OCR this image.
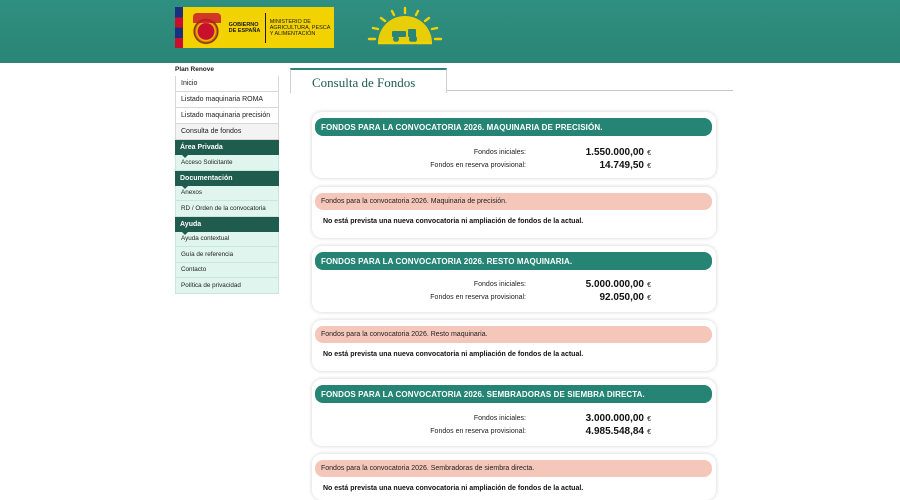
GOBIERNO DE ESPAÑA
MINISTERIO DE AGRICULTURA, PESCA Y ALIMENTACIÓN
Plan Renove
Inicio
Listado maquinaria ROMA
Listado maquinaria precisión
Consulta de fondos
Área Privada
Acceso Solicitante
Documentación
Anexos
RD / Orden de la convocatoria
Ayuda
Ayuda contextual
Guía de referencia
Contacto
Política de privacidad
Consulta de Fondos
FONDOS PARA LA CONVOCATORIA 2026. MAQUINARIA DE PRECISIÓN.
Fondos iniciales:	1.550.000,00 €
Fondos en reserva provisional:	14.749,50 €
Fondos para la convocatoria 2026. Maquinaria de precisión.
No está prevista una nueva convocatoria ni ampliación de fondos de la actual.
FONDOS PARA LA CONVOCATORIA 2026. RESTO MAQUINARIA.
Fondos iniciales:	5.000.000,00 €
Fondos en reserva provisional:	92.050,00 €
Fondos para la convocatoria 2026. Resto maquinaria.
No está prevista una nueva convocatoria ni ampliación de fondos de la actual.
FONDOS PARA LA CONVOCATORIA 2026. SEMBRADORAS DE SIEMBRA DIRECTA.
Fondos iniciales:	3.000.000,00 €
Fondos en reserva provisional:	4.985.548,84 €
Fondos para la convocatoria 2026. Sembradoras de siembra directa.
No está prevista una nueva convocatoria ni ampliación de fondos de la actual.
